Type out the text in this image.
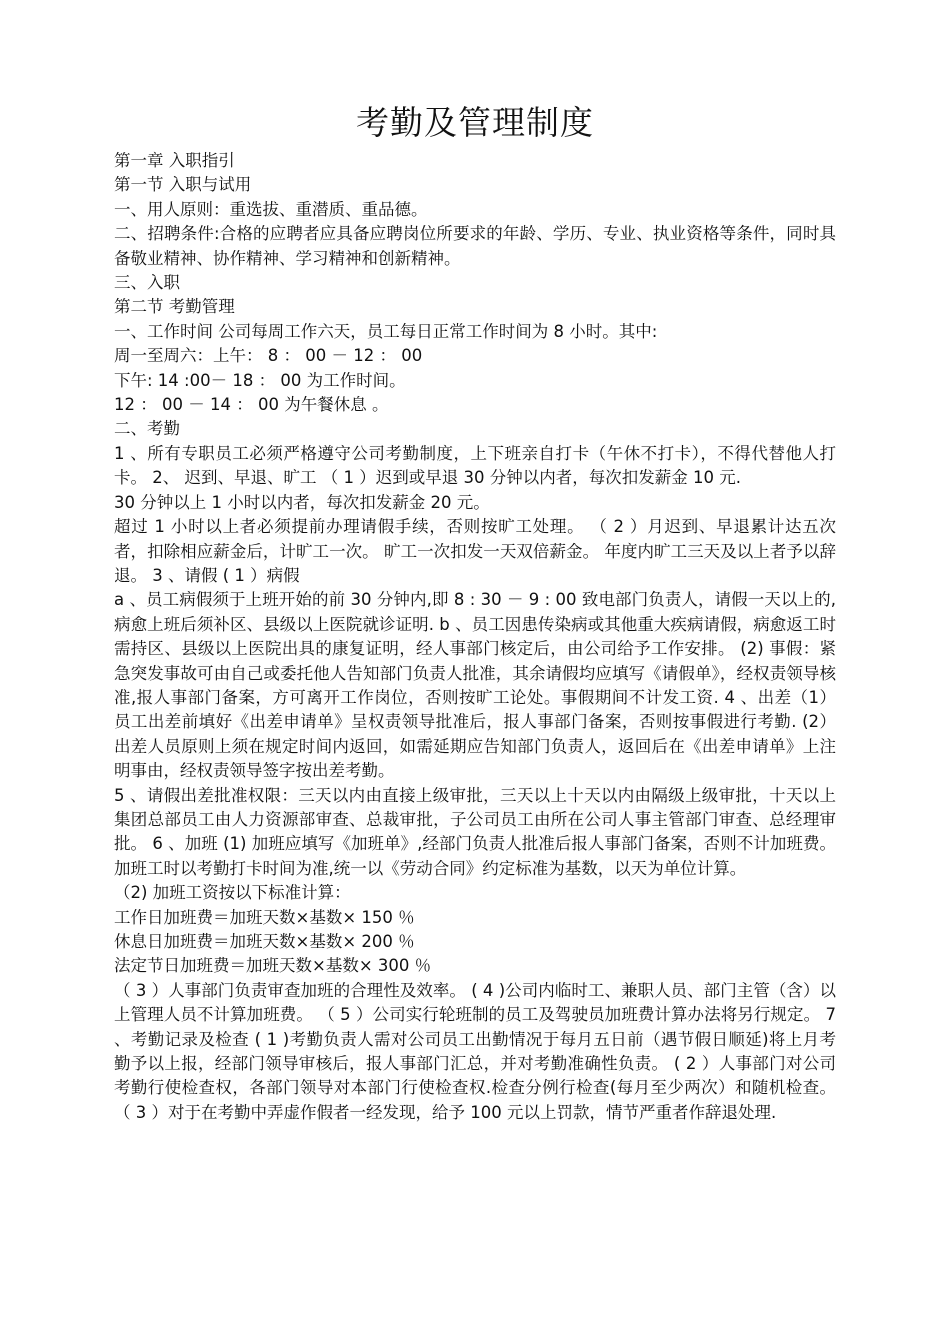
考勤及管理制度

第一章 入职指引

第一节 入职与试用

一、用人原则：重选拔、重潜质、重品德。

二、招聘条件:合格的应聘者应具备应聘岗位所要求的年龄、学历、专业、执业资格等条件，同时具备敬业精神、协作精神、学习精神和创新精神。

三、入职

第二节 考勤管理

一、工作时间 公司每周工作六天，员工每日正常工作时间为 8 小时。其中:

周一至周六：上午： 8 ： 00 － 12 ： 00

下午: 14 :00－ 18 ： 00 为工作时间。

12 ： 00 － 14 ： 00 为午餐休息 。

二、考勤

1 、所有专职员工必须严格遵守公司考勤制度，上下班亲自打卡（午休不打卡），不得代替他人打卡。 2、 迟到、早退、旷工 （ 1 ）迟到或早退 30 分钟以内者，每次扣发薪金 10 元.

30 分钟以上 1 小时以内者，每次扣发薪金 20 元。

超过 1 小时以上者必须提前办理请假手续，否则按旷工处理。 （ 2 ）月迟到、早退累计达五次者，扣除相应薪金后，计旷工一次。 旷工一次扣发一天双倍薪金。 年度内旷工三天及以上者予以辞退。 3 、请假 ( 1 ）病假

a 、员工病假须于上班开始的前 30 分钟内,即 8 : 30 － 9 : 00 致电部门负责人，请假一天以上的,病愈上班后须补区、县级以上医院就诊证明. b 、员工因患传染病或其他重大疾病请假，病愈返工时需持区、县级以上医院出具的康复证明，经人事部门核定后，由公司给予工作安排。 (2) 事假：紧急突发事故可由自己或委托他人告知部门负责人批准，其余请假均应填写《请假单》，经权责领导核准,报人事部门备案，方可离开工作岗位，否则按旷工论处。事假期间不计发工资. 4 、出差（1） 员工出差前填好《出差申请单》呈权责领导批准后，报人事部门备案，否则按事假进行考勤. (2） 出差人员原则上须在规定时间内返回，如需延期应告知部门负责人，返回后在《出差申请单》上注明事由，经权责领导签字按出差考勤。

5 、请假出差批准权限：三天以内由直接上级审批，三天以上十天以内由隔级上级审批，十天以上集团总部员工由人力资源部审查、总裁审批，子公司员工由所在公司人事主管部门审查、总经理审批。 6 、加班 (1) 加班应填写《加班单》,经部门负责人批准后报人事部门备案，否则不计加班费。加班工时以考勤打卡时间为准,统一以《劳动合同》约定标准为基数，以天为单位计算。

（2) 加班工资按以下标准计算：

工作日加班费＝加班天数×基数× 150 ％

休息日加班费＝加班天数×基数× 200 ％

法定节日加班费＝加班天数×基数× 300 ％

（ 3 ）人事部门负责审查加班的合理性及效率。 ( 4 )公司内临时工、兼职人员、部门主管（含）以上管理人员不计算加班费。 （ 5 ）公司实行轮班制的员工及驾驶员加班费计算办法将另行规定。 7 、考勤记录及检查 ( 1 )考勤负责人需对公司员工出勤情况于每月五日前（遇节假日顺延)将上月考勤予以上报，经部门领导审核后，报人事部门汇总，并对考勤准确性负责。 ( 2 ）人事部门对公司考勤行使检查权，各部门领导对本部门行使检查权.检查分例行检查(每月至少两次）和随机检查。 （ 3 ）对于在考勤中弄虚作假者一经发现，给予 100 元以上罚款，情节严重者作辞退处理.
